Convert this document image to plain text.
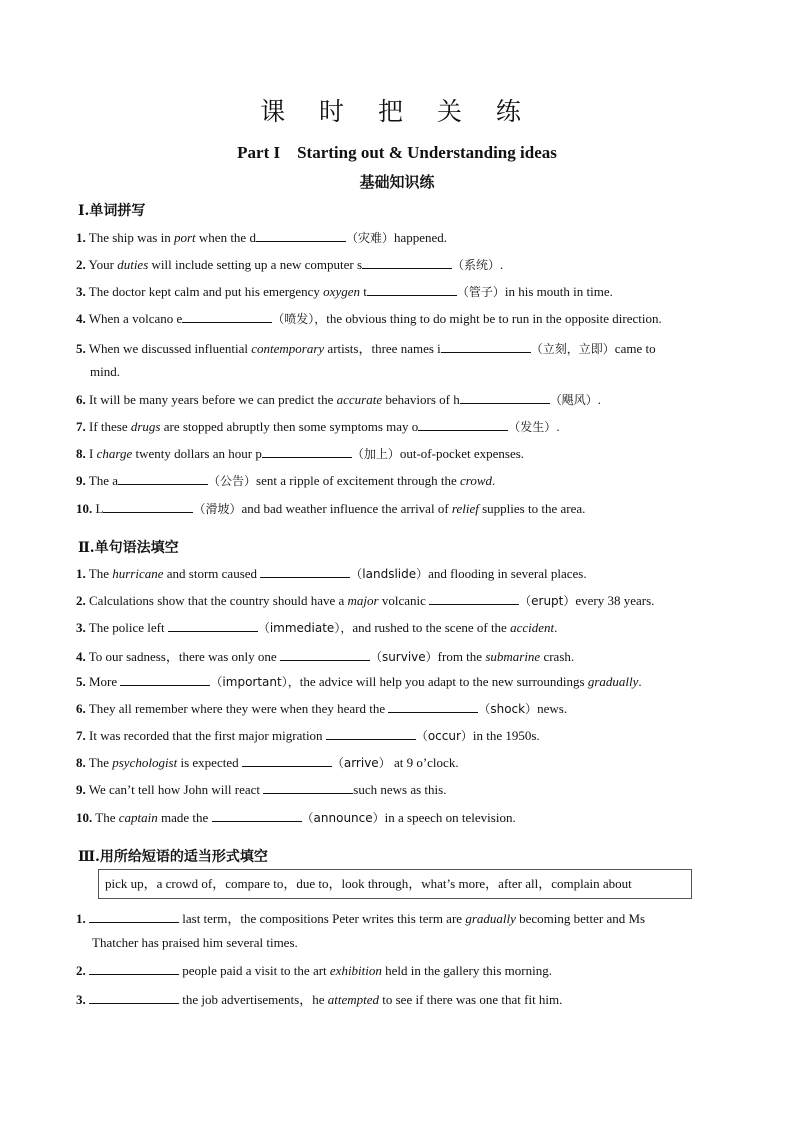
课 时 把 关 练
Part I    Starting out & Understanding ideas
基础知识练
Ⅰ.单词拼写
1. The ship was in port when the d	（灾难）happened.
2. Your duties will include setting up a new computer s	（系统）.
3. The doctor kept calm and put his emergency oxygen t	（管子）in his mouth in time.
4. When a volcano e	（喷发），the obvious thing to do might be to run in the opposite direction.
5. When we discussed influential contemporary artists，three names i	（立刻，立即）came to
6. It will be many years before we can predict the accurate behaviors of h	（飓风）.
7. If these drugs are stopped abruptly then some symptoms may o	（发生）.
8. I charge twenty dollars an hour p	（加上）out-of-pocket expenses.
9. The a	（公告）sent a ripple of excitement through the crowd.
10. L	（滑坡）and bad weather influence the arrival of relief supplies to the area.
mind.
Ⅱ.单句语法填空
1. The hurricane and storm caused	（landslide）and flooding in several places.
2. Calculations show that the country should have a major volcanic	（erupt）every 38 years.
3. The police left	（immediate），and rushed to the scene of the accident.
4. To our sadness，there was only one	（survive）from the submarine crash.
5. More	（important），the advice will help you adapt to the new surroundings gradually.
6. They all remember where they were when they heard the	（shock）news.
7. It was recorded that the first major migration	（occur）in the 1950s.
8. The psychologist is expected	（arrive） at 9 o’clock.
9. We can’t tell how John will react	such news as this.
10. The captain made the	（announce）in a speech on television.
Ⅲ.用所给短语的适当形式填空
pick up，a crowd of，compare to，due to，look through，what’s more，after all，complain about
1.	last term，the compositions Peter writes this term are gradually becoming better and Ms
Thatcher has praised him several times.
2.	people paid a visit to the art exhibition held in the gallery this morning.
3.	the job advertisements，he attempted to see if there was one that fit him.
